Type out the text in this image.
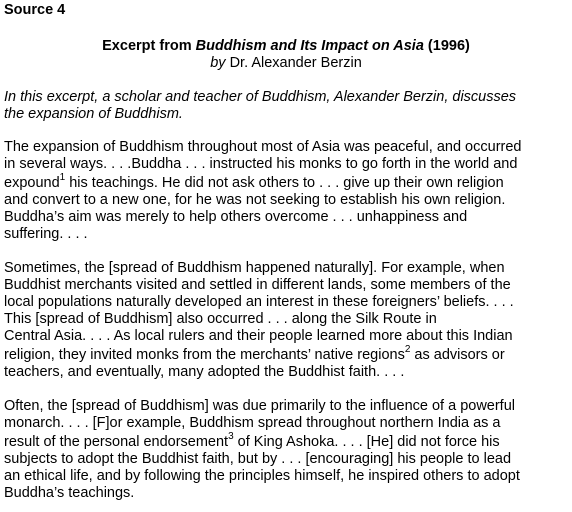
Source 4
Excerpt from Buddhism and Its Impact on Asia (1996)
by Dr. Alexander Berzin
In this excerpt, a scholar and teacher of Buddhism, Alexander Berzin, discusses
the expansion of Buddhism.
The expansion of Buddhism throughout most of Asia was peaceful, and occurred
in several ways. . . .Buddha . . . instructed his monks to go forth in the world and
expound$^1$ his teachings. He did not ask others to . . . give up their own religion
and convert to a new one, for he was not seeking to establish his own religion.
Buddha’s aim was merely to help others overcome . . . unhappiness and
suffering. . . .
Sometimes, the [spread of Buddhism happened naturally]. For example, when
Buddhist merchants visited and settled in different lands, some members of the
local populations naturally developed an interest in these foreigners’ beliefs. . . .
This [spread of Buddhism] also occurred . . . along the Silk Route in
Central Asia. . . . As local rulers and their people learned more about this Indian
religion, they invited monks from the merchants’ native regions$^2$ as advisors or
teachers, and eventually, many adopted the Buddhist faith. . . .
Often, the [spread of Buddhism] was due primarily to the influence of a powerful
monarch. . . . [F]or example, Buddhism spread throughout northern India as a
result of the personal endorsement$^3$ of King Ashoka. . . . [He] did not force his
subjects to adopt the Buddhist faith, but by . . . [encouraging] his people to lead
an ethical life, and by following the principles himself, he inspired others to adopt
Buddha’s teachings.
